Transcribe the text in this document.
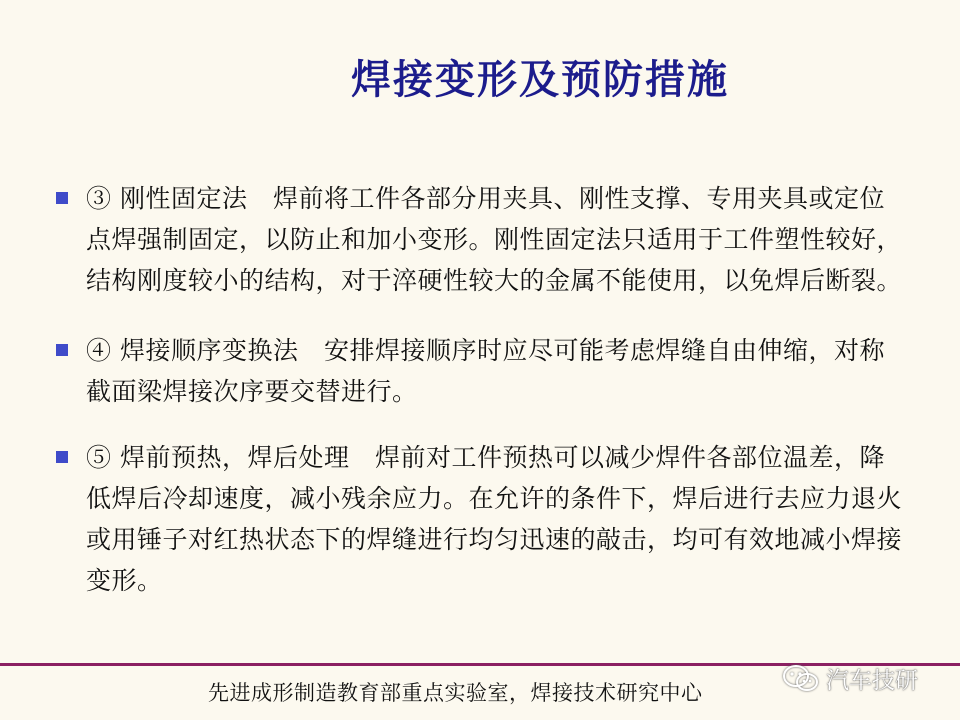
焊接变形及预防措施
③ 刚性固定法　焊前将工件各部分用夹具、刚性支撑、专用夹具或定位点焊强制固定，以防止和加小变形。刚性固定法只适用于工件塑性较好，结构刚度较小的结构，对于淬硬性较大的金属不能使用，以免焊后断裂。
④ 焊接顺序变换法　安排焊接顺序时应尽可能考虑焊缝自由伸缩，对称截面梁焊接次序要交替进行。
⑤ 焊前预热，焊后处理　焊前对工件预热可以减少焊件各部位温差，降低焊后冷却速度，减小残余应力。在允许的条件下，焊后进行去应力退火或用锤子对红热状态下的焊缝进行均匀迅速的敲击，均可有效地减小焊接变形。
先进成形制造教育部重点实验室，焊接技术研究中心	汽车技研
